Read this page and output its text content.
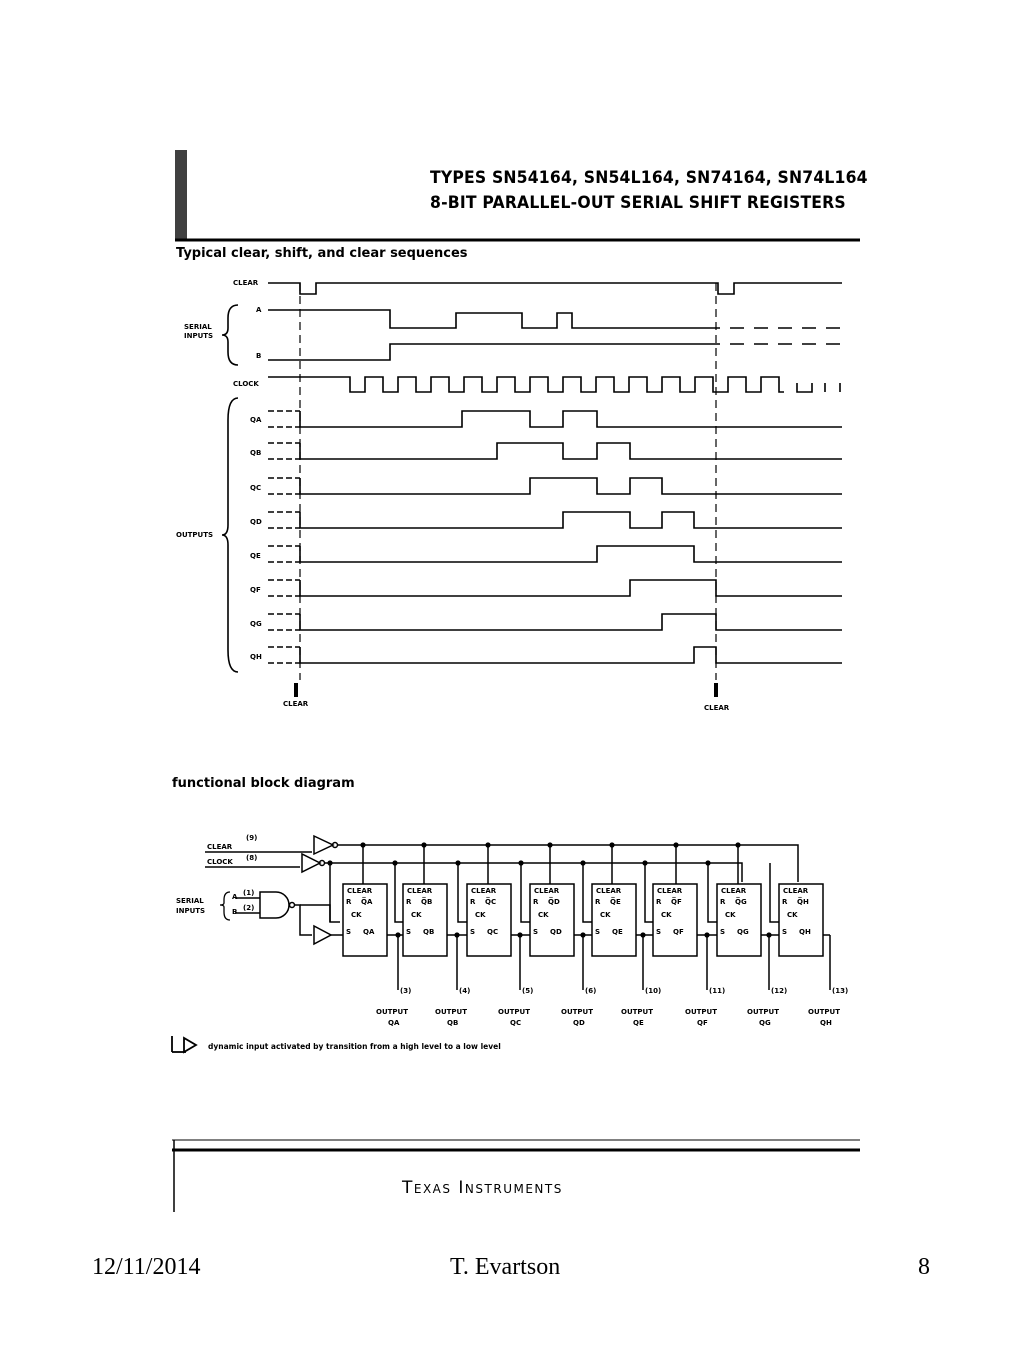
TYPES SN54164, SN54L164, SN74164, SN74L164
8-BIT PARALLEL-OUT SERIAL SHIFT REGISTERS
Typical clear, shift, and clear sequences
CLEAR
A
B
CLOCK
QA
QB
QC
QD
QE
QF
QG
QH
SERIAL INPUTS
OUTPUTS
CLEAR	CLEAR
functional block diagram
CLEAR
(9)
CLOCK (8)
SERIAL INPUTS
A
B
(1)
(2)
CLEAR
R Q̅A
CK
S QA
CLEAR
R Q̅B
CK
S QB
CLEAR
R Q̅C
CK
S QC
CLEAR
R Q̅D
CK
S QD
CLEAR
R Q̅E
CK
S QE
CLEAR
R Q̅F
CK
S QF
CLEAR
R Q̅G
CK
S QG
CLEAR
R Q̅H
CK
S QH
(3)
OUTPUT
QA
(4)
OUTPUT
QB
(5)
OUTPUT
QC
(6)
OUTPUT
QD
(10)
OUTPUT
QE
(11)
OUTPUT
QF
(12)
OUTPUT
QG
(13)
OUTPUT
QH
dynamic input activated by transition from a high level to a low level
Texas Instruments
12/11/2014	T. Evartson	8
